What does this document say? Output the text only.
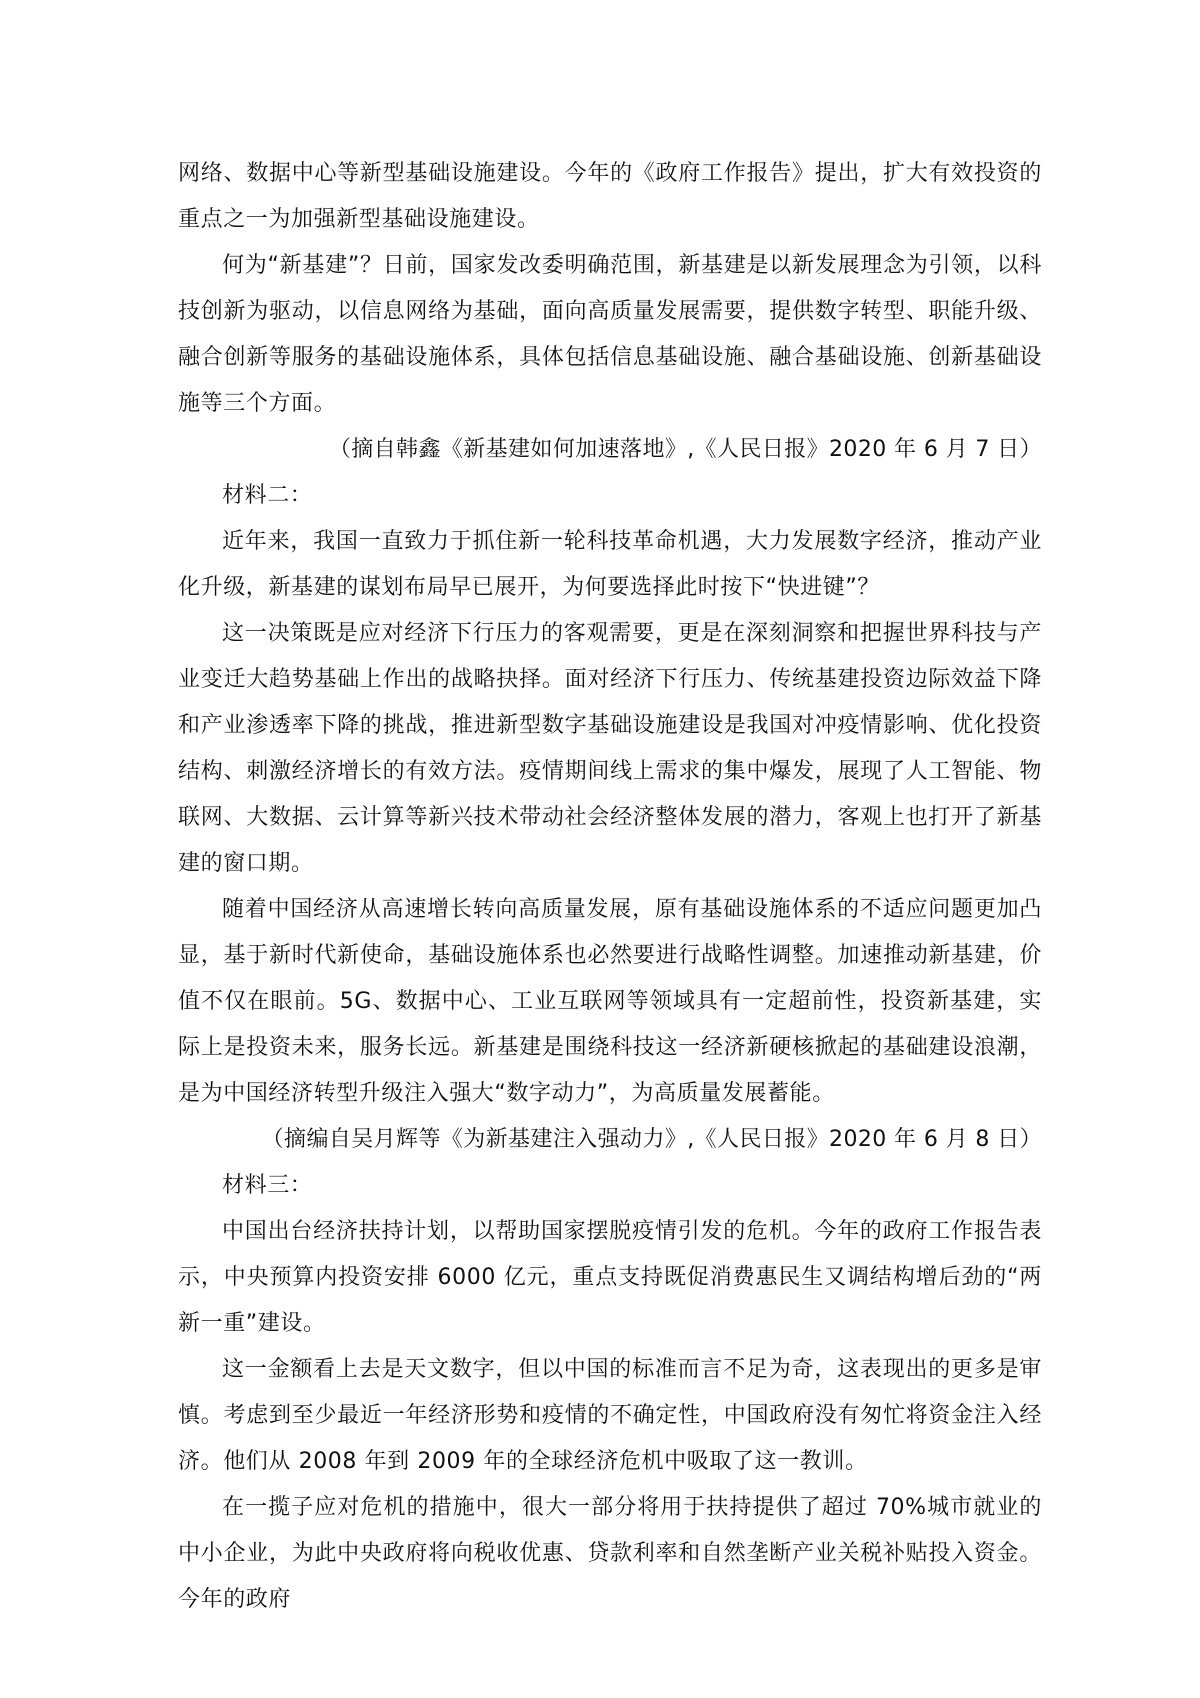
网络、数据中心等新型基础设施建设。今年的《政府工作报告》提出，扩大有效投资的重点之一为加强新型基础设施建设。

何为“新基建”？日前，国家发改委明确范围，新基建是以新发展理念为引领，以科技创新为驱动，以信息网络为基础，面向高质量发展需要，提供数字转型、职能升级、融合创新等服务的基础设施体系，具体包括信息基础设施、融合基础设施、创新基础设施等三个方面。

（摘自韩鑫《新基建如何加速落地》,《人民日报》2020 年 6 月 7 日）

材料二：

近年来，我国一直致力于抓住新一轮科技革命机遇，大力发展数字经济，推动产业化升级，新基建的谋划布局早已展开，为何要选择此时按下“快进键”？

这一决策既是应对经济下行压力的客观需要，更是在深刻洞察和把握世界科技与产业变迁大趋势基础上作出的战略抉择。面对经济下行压力、传统基建投资边际效益下降和产业渗透率下降的挑战，推进新型数字基础设施建设是我国对冲疫情影响、优化投资结构、刺激经济增长的有效方法。疫情期间线上需求的集中爆发，展现了人工智能、物联网、大数据、云计算等新兴技术带动社会经济整体发展的潜力，客观上也打开了新基建的窗口期。

随着中国经济从高速增长转向高质量发展，原有基础设施体系的不适应问题更加凸显，基于新时代新使命，基础设施体系也必然要进行战略性调整。加速推动新基建，价值不仅在眼前。5G、数据中心、工业互联网等领域具有一定超前性，投资新基建，实际上是投资未来，服务长远。新基建是围绕科技这一经济新硬核掀起的基础建设浪潮，是为中国经济转型升级注入强大“数字动力”，为高质量发展蓄能。

（摘编自吴月辉等《为新基建注入强动力》,《人民日报》2020 年 6 月 8 日）

材料三：

中国出台经济扶持计划，以帮助国家摆脱疫情引发的危机。今年的政府工作报告表示，中央预算内投资安排 6000 亿元，重点支持既促消费惠民生又调结构增后劲的“两新一重”建设。

这一金额看上去是天文数字，但以中国的标准而言不足为奇，这表现出的更多是审慎。考虑到至少最近一年经济形势和疫情的不确定性，中国政府没有匆忙将资金注入经济。他们从 2008 年到 2009 年的全球经济危机中吸取了这一教训。

在一揽子应对危机的措施中，很大一部分将用于扶持提供了超过 70%城市就业的中小企业，为此中央政府将向税收优惠、贷款利率和自然垄断产业关税补贴投入资金。今年的政府
